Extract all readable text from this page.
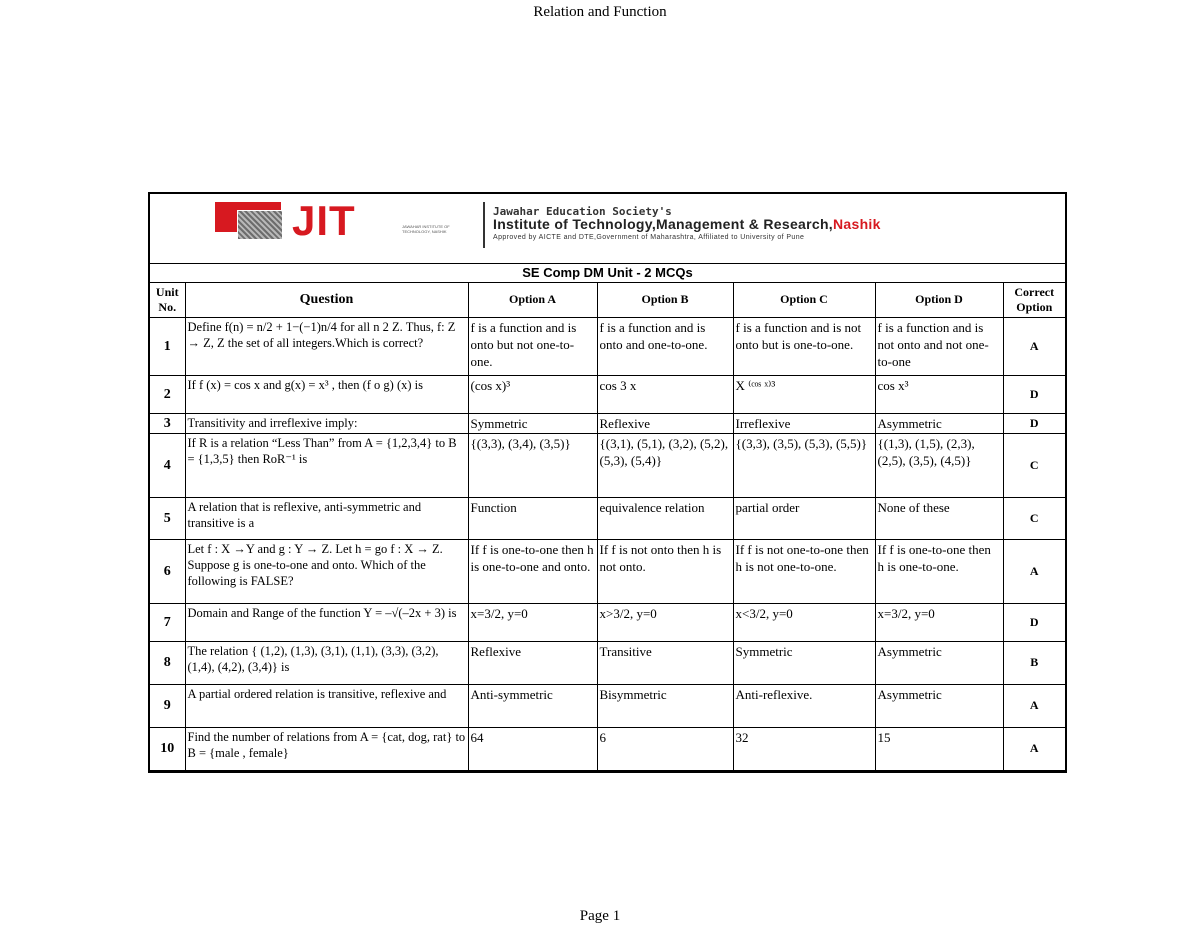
Relation and Function
JIT	JAWAHAR INSTITUTE OF TECHNOLOGY, NASHIK
Jawahar Education Society's
Institute of Technology,Management & Research,Nashik
Approved by AICTE and DTE,Government of Maharashtra, Affiliated to University of Pune
SE Comp DM Unit - 2 MCQs
Unit No.	Question	Option A	Option B	Option C	Option D	Correct Option
1	Define f(n) = n/2 + 1−(−1)n/4 for all n 2 Z. Thus, f: Z → Z, Z the set of all integers.Which is correct?	f is a function and is onto but not one-to-one.	f is a function and is onto and one-to-one.	f is a function and is not onto but is one-to-one.	f is a function and is not onto and not one-to-one	A
2	If f (x) = cos x and g(x) = x³ , then (f o g) (x) is	(cos x)³	cos 3 x	X ⁽ᶜᵒˢ ˣ⁾³	cos x³	D
3	Transitivity and irreflexive imply:	Symmetric	Reflexive	Irreflexive	Asymmetric	D
4	If R is a relation “Less Than” from A = {1,2,3,4} to B = {1,3,5} then RoR⁻¹ is	{(3,3), (3,4), (3,5)}	{(3,1), (5,1), (3,2), (5,2), (5,3), (5,4)}	{(3,3), (3,5), (5,3), (5,5)}	{(1,3), (1,5), (2,3), (2,5), (3,5), (4,5)}	C
5	A relation that is reflexive, anti-symmetric and transitive is a	Function	equivalence relation	partial order	None of these	C
6	Let f : X →Y and g : Y → Z. Let h = go f : X → Z. Suppose g is one-to-one and onto. Which of the following is FALSE?	If f is one-to-one then h is one-to-one and onto.	If f is not onto then h is not onto.	If f is not one-to-one then h is not one-to-one.	If f is one-to-one then h is one-to-one.	A
7	Domain and Range of the function Y = –√(–2x + 3) is	x=3/2, y=0	x>3/2, y=0	x<3/2, y=0	x=3/2, y=0	D
8	The relation { (1,2), (1,3), (3,1), (1,1), (3,3), (3,2), (1,4), (4,2), (3,4)} is	Reflexive	Transitive	Symmetric	Asymmetric	B
9	A partial ordered relation is transitive, reflexive and	Anti-symmetric	Bisymmetric	Anti-reflexive.	Asymmetric	A
10	Find the number of relations from A = {cat, dog, rat} to B = {male , female}	64	6	32	15	A
Page 1
